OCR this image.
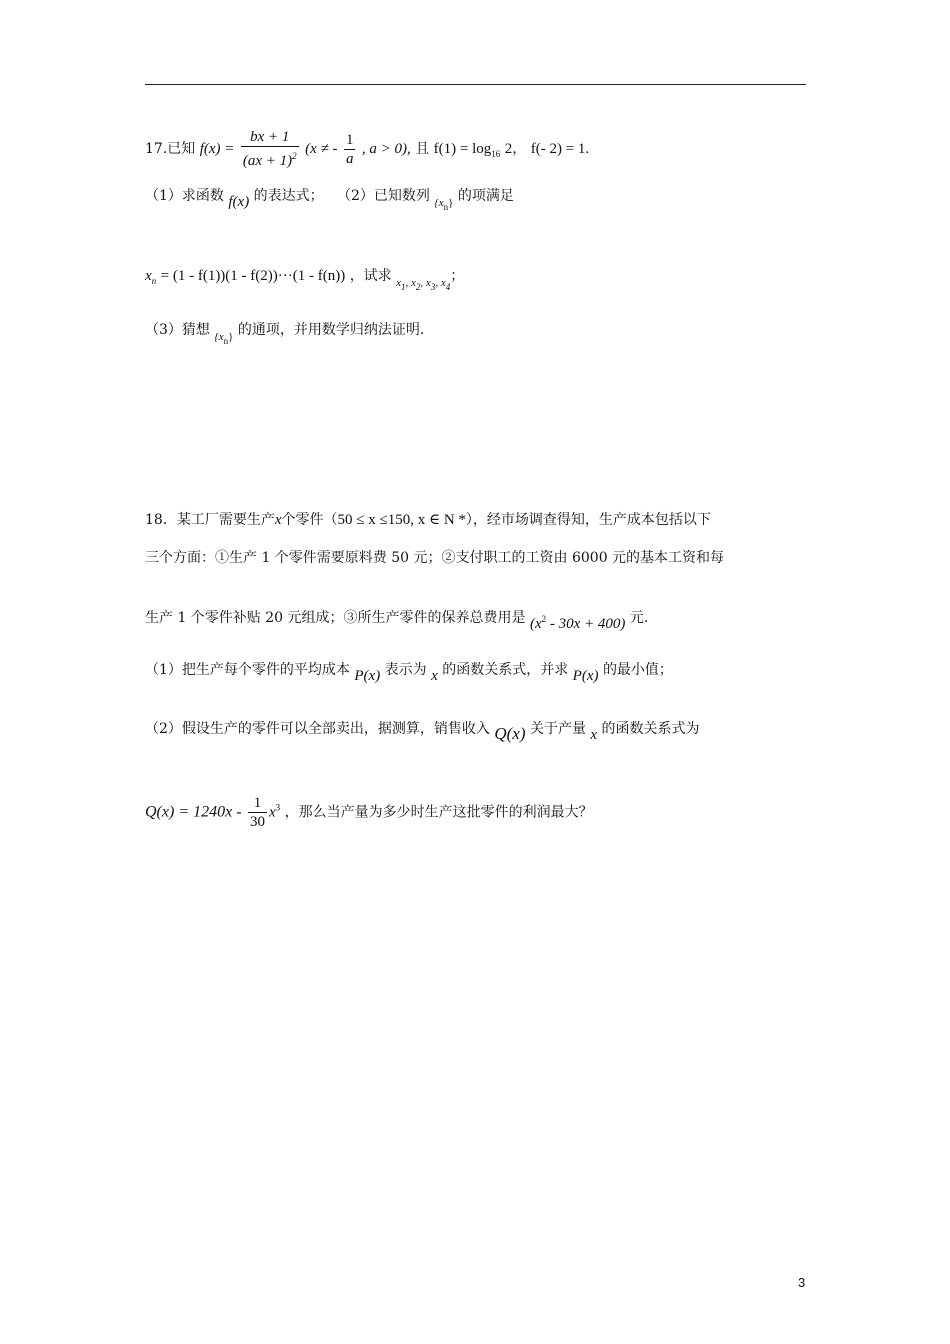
17.已知 $f(x) = \frac{bx + 1}{(ax + 1)^2} (x$ ≠ - $\frac{1}{a}$ , a > 0), 且 $f(1) = \log_{16} 2$， f(- 2) = 1.
（1）求函数 f(x) 的表达式； （2）已知数列 $_{\{x_n\}}$ 的项满足
$x_n = (1 - f(1))(1 - f(2))\cdot\cdot\cdot(1 - f(n))$ ，试求 $_{x_1, x_2, x_3, x_4}$；
（3）猜想 $_{\{x_n\}}$ 的通项，并用数学归纳法证明.
18．某工厂需要生产x个零件（50 ≤ x ≤150, x ∈ N *），经市场调查得知，生产成本包括以下
三个方面：①生产 1 个零件需要原料费 50 元；②支付职工的工资由 6000 元的基本工资和每
生产 1 个零件补贴 20 元组成；③所生产零件的保养总费用是 $(x^2 - 30x + 400)$ 元.
（1）把生产每个零件的平均成本 P(x) 表示为 x 的函数关系式，并求 P(x) 的最小值；
（2）假设生产的零件可以全部卖出，据测算，销售收入 Q(x) 关于产量 x 的函数关系式为
$Q(x) = 1240x - \frac{1}{30} x^3$ ，那么当产量为多少时生产这批零件的利润最大？
3
